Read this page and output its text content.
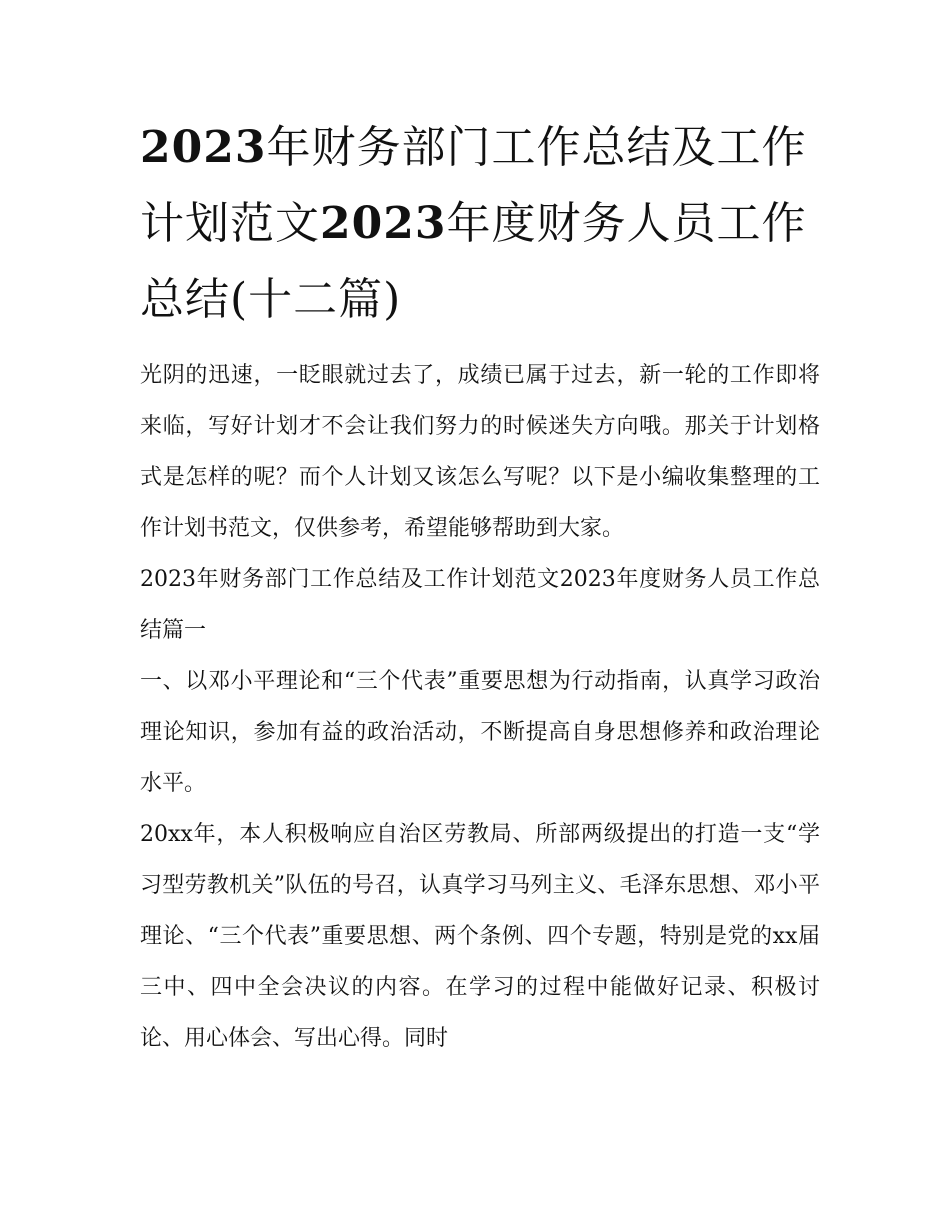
2023年财务部门工作总结及工作计划范文2023年度财务人员工作总结(十二篇)

光阴的迅速，一眨眼就过去了，成绩已属于过去，新一轮的工作即将来临，写好计划才不会让我们努力的时候迷失方向哦。那关于计划格式是怎样的呢？而个人计划又该怎么写呢？以下是小编收集整理的工作计划书范文，仅供参考，希望能够帮助到大家。

2023年财务部门工作总结及工作计划范文2023年度财务人员工作总结篇一

一、以邓小平理论和“三个代表”重要思想为行动指南，认真学习政治理论知识，参加有益的政治活动，不断提高自身思想修养和政治理论水平。

20xx年，本人积极响应自治区劳教局、所部两级提出的打造一支“学习型劳教机关”队伍的号召，认真学习马列主义、毛泽东思想、邓小平理论、“三个代表”重要思想、两个条例、四个专题，特别是党的xx届三中、四中全会决议的内容。在学习的过程中能做好记录、积极讨论、用心体会、写出心得。同时
